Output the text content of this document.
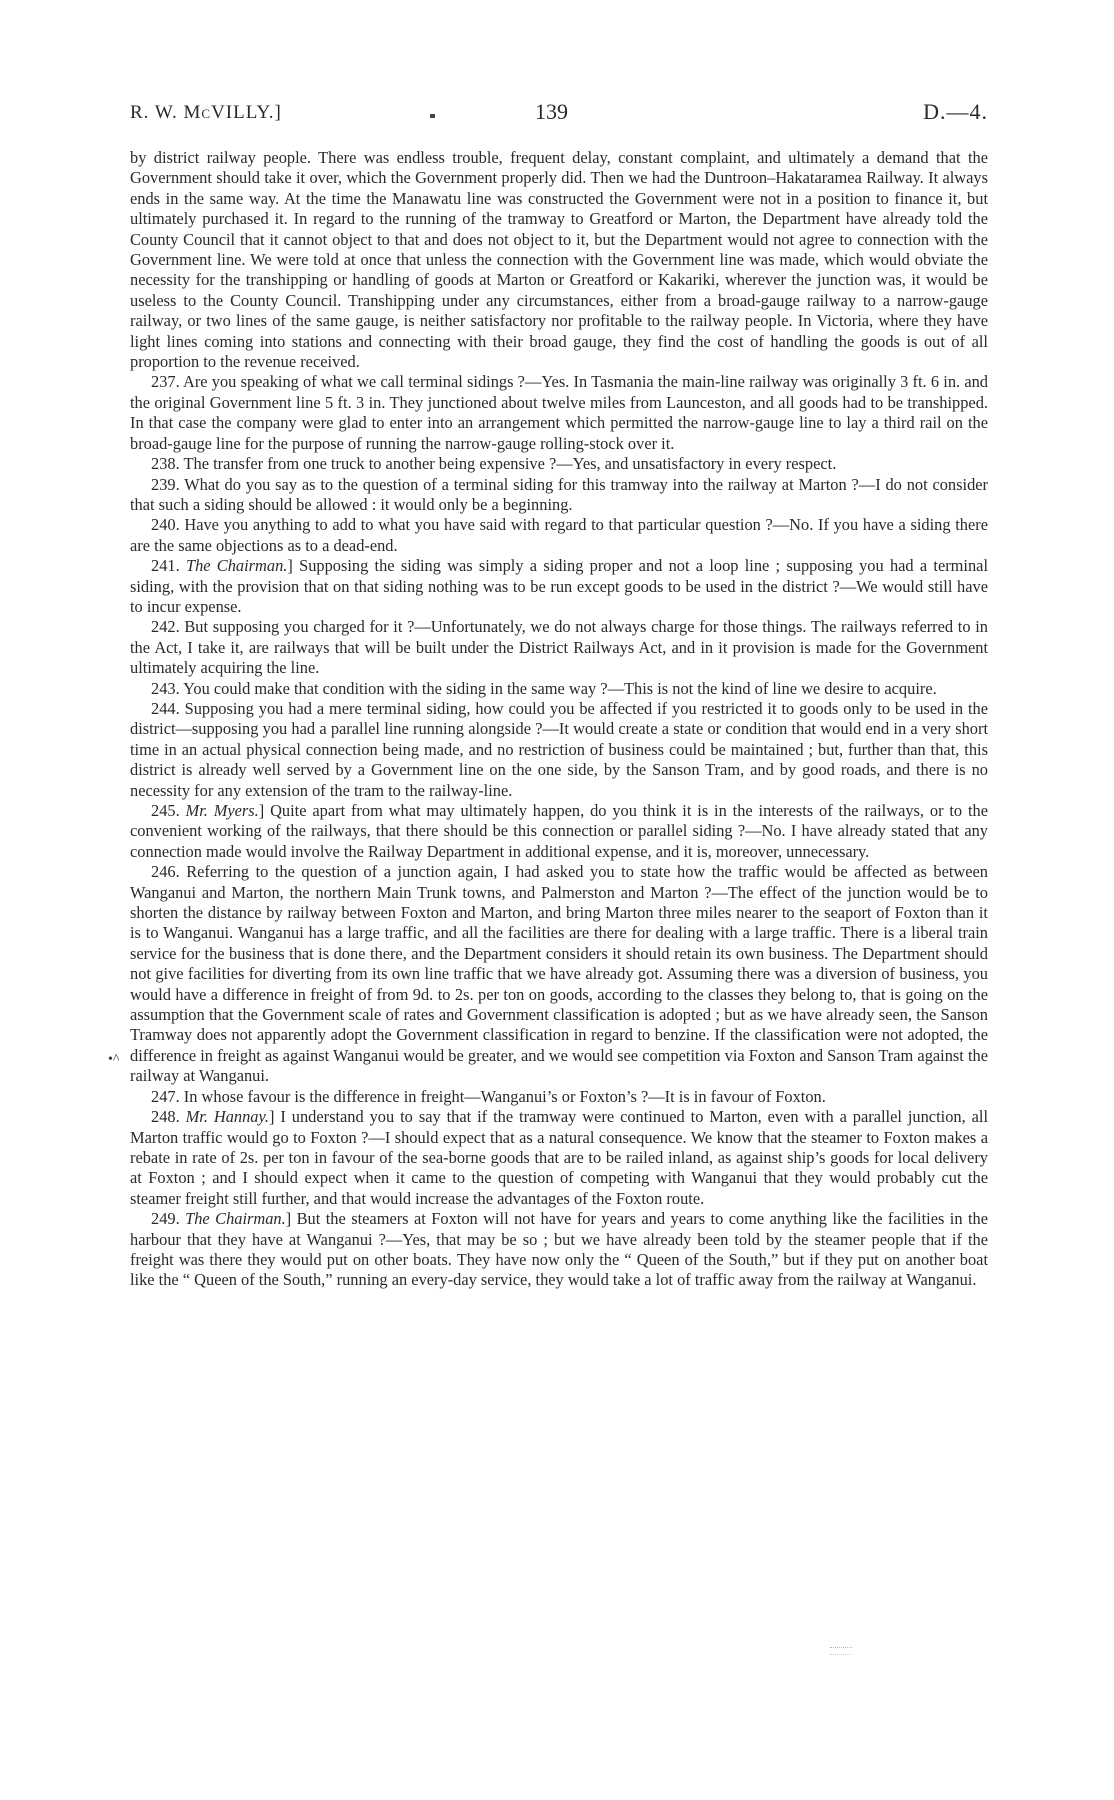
R. W. McVILLY.]	139	D.—4.
•^

by district railway people. There was endless trouble, frequent delay, constant complaint, and ultimately a demand that the Government should take it over, which the Government properly did. Then we had the Duntroon–Hakataramea Railway. It always ends in the same way. At the time the Manawatu line was constructed the Government were not in a position to finance it, but ultimately purchased it. In regard to the running of the tramway to Greatford or Marton, the Department have already told the County Council that it cannot object to that and does not object to it, but the Department would not agree to connection with the Government line. We were told at once that unless the connection with the Government line was made, which would obviate the necessity for the transhipping or handling of goods at Marton or Greatford or Kakariki, wherever the junction was, it would be useless to the County Council. Transhipping under any circumstances, either from a broad-gauge railway to a narrow-gauge railway, or two lines of the same gauge, is neither satisfactory nor profitable to the railway people. In Victoria, where they have light lines coming into stations and connecting with their broad gauge, they find the cost of handling the goods is out of all proportion to the revenue received.

237. Are you speaking of what we call terminal sidings ?—Yes. In Tasmania the main-line railway was originally 3 ft. 6 in. and the original Government line 5 ft. 3 in. They junctioned about twelve miles from Launceston, and all goods had to be transhipped. In that case the company were glad to enter into an arrangement which permitted the narrow-gauge line to lay a third rail on the broad-gauge line for the purpose of running the narrow-gauge rolling-stock over it.

238. The transfer from one truck to another being expensive ?—Yes, and unsatisfactory in every respect.

239. What do you say as to the question of a terminal siding for this tramway into the railway at Marton ?—I do not consider that such a siding should be allowed : it would only be a beginning.

240. Have you anything to add to what you have said with regard to that particular question ?—No. If you have a siding there are the same objections as to a dead-end.

241. The Chairman.] Supposing the siding was simply a siding proper and not a loop line ; supposing you had a terminal siding, with the provision that on that siding nothing was to be run except goods to be used in the district ?—We would still have to incur expense.

242. But supposing you charged for it ?—Unfortunately, we do not always charge for those things. The railways referred to in the Act, I take it, are railways that will be built under the District Railways Act, and in it provision is made for the Government ultimately acquiring the line.

243. You could make that condition with the siding in the same way ?—This is not the kind of line we desire to acquire.

244. Supposing you had a mere terminal siding, how could you be affected if you restricted it to goods only to be used in the district—supposing you had a parallel line running alongside ?—It would create a state or condition that would end in a very short time in an actual physical connection being made, and no restriction of business could be maintained ; but, further than that, this district is already well served by a Government line on the one side, by the Sanson Tram, and by good roads, and there is no necessity for any extension of the tram to the railway-line.

245. Mr. Myers.] Quite apart from what may ultimately happen, do you think it is in the interests of the railways, or to the convenient working of the railways, that there should be this connection or parallel siding ?—No. I have already stated that any connection made would involve the Railway Department in additional expense, and it is, moreover, unnecessary.

246. Referring to the question of a junction again, I had asked you to state how the traffic would be affected as between Wanganui and Marton, the northern Main Trunk towns, and Palmerston and Marton ?—The effect of the junction would be to shorten the distance by railway between Foxton and Marton, and bring Marton three miles nearer to the seaport of Foxton than it is to Wanganui. Wanganui has a large traffic, and all the facilities are there for dealing with a large traffic. There is a liberal train service for the business that is done there, and the Department considers it should retain its own business. The Department should not give facilities for diverting from its own line traffic that we have already got. Assuming there was a diversion of business, you would have a difference in freight of from 9d. to 2s. per ton on goods, according to the classes they belong to, that is going on the assumption that the Government scale of rates and Government classification is adopted ; but as we have already seen, the Sanson Tramway does not apparently adopt the Government classification in regard to benzine. If the classification were not adopted, the difference in freight as against Wanganui would be greater, and we would see competition via Foxton and Sanson Tram against the railway at Wanganui.

247. In whose favour is the difference in freight—Wanganui’s or Foxton’s ?—It is in favour of Foxton.

248. Mr. Hannay.] I understand you to say that if the tramway were continued to Marton, even with a parallel junction, all Marton traffic would go to Foxton ?—I should expect that as a natural consequence. We know that the steamer to Foxton makes a rebate in rate of 2s. per ton in favour of the sea-borne goods that are to be railed inland, as against ship’s goods for local delivery at Foxton ; and I should expect when it came to the question of competing with Wanganui that they would probably cut the steamer freight still further, and that would increase the advantages of the Foxton route.

249. The Chairman.] But the steamers at Foxton will not have for years and years to come anything like the facilities in the harbour that they have at Wanganui ?—Yes, that may be so ; but we have already been told by the steamer people that if the freight was there they would put on other boats. They have now only the “ Queen of the South,” but if they put on another boat like the “ Queen of the South,” running an every-day service, they would take a lot of traffic away from the railway at Wanganui.
